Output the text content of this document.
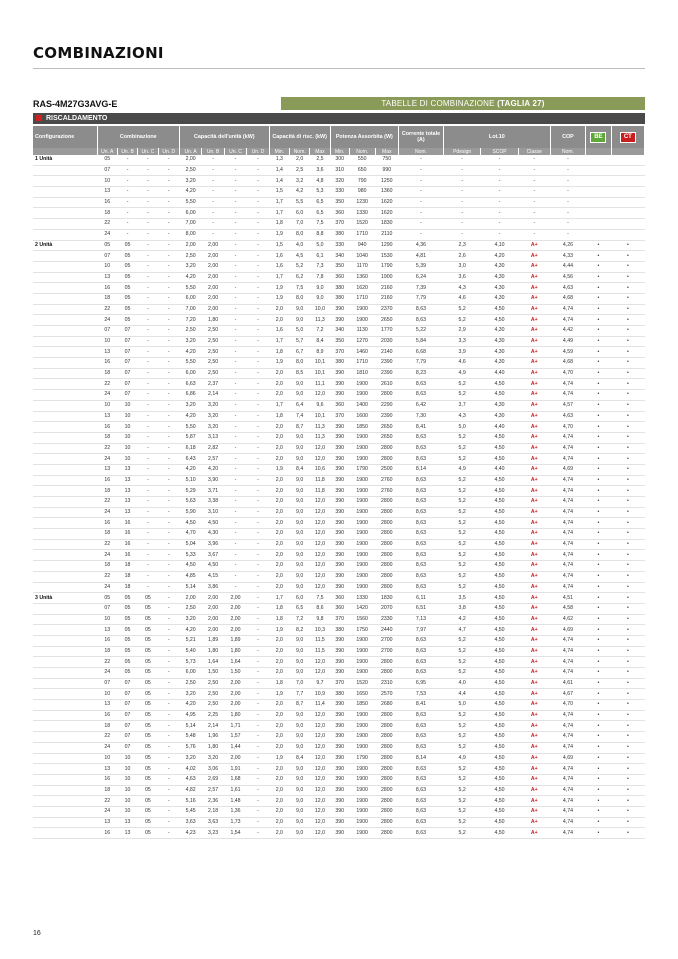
COMBINAZIONI
RAS-4M27G3AVG-E	TABELLE DI COMBINAZIONE (TAGLIA 27)
RISCALDAMENTO
Configurazione	Combinazione				Capacità dell'unità (kW)				Capacità di risc. (kW)			Potenza Assorbita (W)			Corrente totale (A)	Lot.10			COP	BE	CT
	Un. A	Un. B	Un. C	Un. D	Un. A	Un. B	Un. C	Un. D	Min.	Nom.	Max	Min.	Nom.	Max	Nom.	Pdesign	SCOP	Classe	Nom.		
1 Unità	05	-	-	-	2,00	-	-	-	1,3	2,0	2,5	300	550	750	-	-	-	-	-		
	07	-	-	-	2,50	-	-	-	1,4	2,5	3,6	310	650	990	-	-	-	-	-		
	10	-	-	-	3,20	-	-	-	1,4	3,2	4,8	320	790	1250	-	-	-	-	-		
	13	-	-	-	4,20	-	-	-	1,5	4,2	5,3	330	980	1360	-	-	-	-	-		
	16	-	-	-	5,50	-	-	-	1,7	5,5	6,5	350	1230	1620	-	-	-	-	-		
	18	-	-	-	6,00	-	-	-	1,7	6,0	6,5	360	1330	1620	-	-	-	-	-		
	22	-	-	-	7,00	-	-	-	1,8	7,0	7,5	370	1520	1830	-	-	-	-	-		
	24	-	-	-	8,00	-	-	-	1,9	8,0	8,8	380	1710	2110	-	-	-	-	-		
2 Unità	05	05	-	-	2,00	2,00	-	-	1,5	4,0	5,0	330	940	1290	4,36	2,3	4,10	A+	4,26	•	•
	07	05	-	-	2,50	2,00	-	-	1,6	4,5	6,1	340	1040	1530	4,81	2,6	4,20	A+	4,33	•	•
	10	05	-	-	3,20	2,00	-	-	1,6	5,2	7,3	350	1170	1790	5,39	3,0	4,30	A+	4,44	•	•
	13	05	-	-	4,20	2,00	-	-	1,7	6,2	7,8	360	1360	1900	6,24	3,6	4,30	A+	4,56	•	•
	16	05	-	-	5,50	2,00	-	-	1,9	7,5	9,0	380	1620	2160	7,39	4,3	4,30	A+	4,63	•	•
	18	05	-	-	6,00	2,00	-	-	1,9	8,0	9,0	380	1710	2160	7,79	4,6	4,30	A+	4,68	•	•
	22	05	-	-	7,00	2,00	-	-	2,0	9,0	10,0	390	1900	2370	8,63	5,2	4,50	A+	4,74	•	•
	24	05	-	-	7,20	1,80	-	-	2,0	9,0	11,3	390	1900	2650	8,63	5,2	4,50	A+	4,74	•	•
	07	07	-	-	2,50	2,50	-	-	1,6	5,0	7,2	340	1130	1770	5,22	2,9	4,30	A+	4,42	•	•
	10	07	-	-	3,20	2,50	-	-	1,7	5,7	8,4	350	1270	2030	5,84	3,3	4,30	A+	4,49	•	•
	13	07	-	-	4,20	2,50	-	-	1,8	6,7	8,9	370	1460	2140	6,68	3,9	4,30	A+	4,59	•	•
	16	07	-	-	5,50	2,50	-	-	1,9	8,0	10,1	380	1710	2390	7,79	4,6	4,30	A+	4,68	•	•
	18	07	-	-	6,00	2,50	-	-	2,0	8,5	10,1	390	1810	2390	8,23	4,9	4,40	A+	4,70	•	•
	22	07	-	-	6,63	2,37	-	-	2,0	9,0	11,1	390	1900	2610	8,63	5,2	4,50	A+	4,74	•	•
	24	07	-	-	6,86	2,14	-	-	2,0	9,0	12,0	390	1900	2800	8,63	5,2	4,50	A+	4,74	•	•
	10	10	-	-	3,20	3,20	-	-	1,7	6,4	9,6	360	1400	2290	6,42	3,7	4,30	A+	4,57	•	•
	13	10	-	-	4,20	3,20	-	-	1,8	7,4	10,1	370	1600	2390	7,30	4,3	4,30	A+	4,63	•	•
	16	10	-	-	5,50	3,20	-	-	2,0	8,7	11,3	390	1850	2650	8,41	5,0	4,40	A+	4,70	•	•
	18	10	-	-	5,87	3,13	-	-	2,0	9,0	11,3	390	1900	2650	8,63	5,2	4,50	A+	4,74	•	•
	22	10	-	-	6,18	2,82	-	-	2,0	9,0	12,0	390	1900	2800	8,63	5,2	4,50	A+	4,74	•	•
	24	10	-	-	6,43	2,57	-	-	2,0	9,0	12,0	390	1900	2800	8,63	5,2	4,50	A+	4,74	•	•
	13	13	-	-	4,20	4,20	-	-	1,9	8,4	10,6	390	1790	2500	8,14	4,9	4,40	A+	4,69	•	•
	16	13	-	-	5,10	3,90	-	-	2,0	9,0	11,8	390	1900	2760	8,63	5,2	4,50	A+	4,74	•	•
	18	13	-	-	5,29	3,71	-	-	2,0	9,0	11,8	390	1900	2760	8,63	5,2	4,50	A+	4,74	•	•
	22	13	-	-	5,63	3,38	-	-	2,0	9,0	12,0	390	1900	2800	8,63	5,2	4,50	A+	4,74	•	•
	24	13	-	-	5,90	3,10	-	-	2,0	9,0	12,0	390	1900	2800	8,63	5,2	4,50	A+	4,74	•	•
	16	16	-	-	4,50	4,50	-	-	2,0	9,0	12,0	390	1900	2800	8,63	5,2	4,50	A+	4,74	•	•
	18	16	-	-	4,70	4,30	-	-	2,0	9,0	12,0	390	1900	2800	8,63	5,2	4,50	A+	4,74	•	•
	22	16	-	-	5,04	3,96	-	-	2,0	9,0	12,0	390	1900	2800	8,63	5,2	4,50	A+	4,74	•	•
	24	16	-	-	5,33	3,67	-	-	2,0	9,0	12,0	390	1900	2800	8,63	5,2	4,50	A+	4,74	•	•
	18	18	-	-	4,50	4,50	-	-	2,0	9,0	12,0	390	1900	2800	8,63	5,2	4,50	A+	4,74	•	•
	22	18	-	-	4,85	4,15	-	-	2,0	9,0	12,0	390	1900	2800	8,63	5,2	4,50	A+	4,74	•	•
	24	18	-	-	5,14	3,86	-	-	2,0	9,0	12,0	390	1900	2800	8,63	5,2	4,50	A+	4,74	•	•
3 Unità	05	05	05	-	2,00	2,00	2,00	-	1,7	6,0	7,5	360	1330	1830	6,11	3,5	4,50	A+	4,51	•	•
	07	05	05	-	2,50	2,00	2,00	-	1,8	6,5	8,6	360	1420	2070	6,51	3,8	4,50	A+	4,58	•	•
	10	05	05	-	3,20	2,00	2,00	-	1,8	7,2	9,8	370	1560	2330	7,13	4,2	4,50	A+	4,62	•	•
	13	05	05	-	4,20	2,00	2,00	-	1,9	8,2	10,3	380	1750	2440	7,97	4,7	4,50	A+	4,69	•	•
	16	05	05	-	5,21	1,89	1,89	-	2,0	9,0	11,5	390	1900	2700	8,63	5,2	4,50	A+	4,74	•	•
	18	05	05	-	5,40	1,80	1,80	-	2,0	9,0	11,5	390	1900	2700	8,63	5,2	4,50	A+	4,74	•	•
	22	05	05	-	5,73	1,64	1,64	-	2,0	9,0	12,0	390	1900	2800	8,63	5,2	4,50	A+	4,74	•	•
	24	05	05	-	6,00	1,50	1,50	-	2,0	9,0	12,0	390	1900	2800	8,63	5,2	4,50	A+	4,74	•	•
	07	07	05	-	2,50	2,50	2,00	-	1,8	7,0	9,7	370	1520	2310	6,95	4,0	4,50	A+	4,61	•	•
	10	07	05	-	3,20	2,50	2,00	-	1,9	7,7	10,9	380	1650	2570	7,53	4,4	4,50	A+	4,67	•	•
	13	07	05	-	4,20	2,50	2,00	-	2,0	8,7	11,4	390	1850	2680	8,41	5,0	4,50	A+	4,70	•	•
	16	07	05	-	4,95	2,25	1,80	-	2,0	9,0	12,0	390	1900	2800	8,63	5,2	4,50	A+	4,74	•	•
	18	07	05	-	5,14	2,14	1,71	-	2,0	9,0	12,0	390	1900	2800	8,63	5,2	4,50	A+	4,74	•	•
	22	07	05	-	5,48	1,96	1,57	-	2,0	9,0	12,0	390	1900	2800	8,63	5,2	4,50	A+	4,74	•	•
	24	07	05	-	5,76	1,80	1,44	-	2,0	9,0	12,0	390	1900	2800	8,63	5,2	4,50	A+	4,74	•	•
	10	10	05	-	3,20	3,20	2,00	-	1,9	8,4	12,0	390	1790	2800	8,14	4,9	4,50	A+	4,69	•	•
	13	10	05	-	4,02	3,06	1,91	-	2,0	9,0	12,0	390	1900	2800	8,63	5,2	4,50	A+	4,74	•	•
	16	10	05	-	4,63	2,69	1,68	-	2,0	9,0	12,0	390	1900	2800	8,63	5,2	4,50	A+	4,74	•	•
	18	10	05	-	4,82	2,57	1,61	-	2,0	9,0	12,0	390	1900	2800	8,63	5,2	4,50	A+	4,74	•	•
	22	10	05	-	5,16	2,36	1,48	-	2,0	9,0	12,0	390	1900	2800	8,63	5,2	4,50	A+	4,74	•	•
	24	10	05	-	5,45	2,18	1,36	-	2,0	9,0	12,0	390	1900	2800	8,63	5,2	4,50	A+	4,74	•	•
	13	13	05	-	3,63	3,63	1,73	-	2,0	9,0	12,0	390	1900	2800	8,63	5,2	4,50	A+	4,74	•	•
	16	13	05	-	4,23	3,23	1,54	-	2,0	9,0	12,0	390	1900	2800	8,63	5,2	4,50	A+	4,74	•	•
16
